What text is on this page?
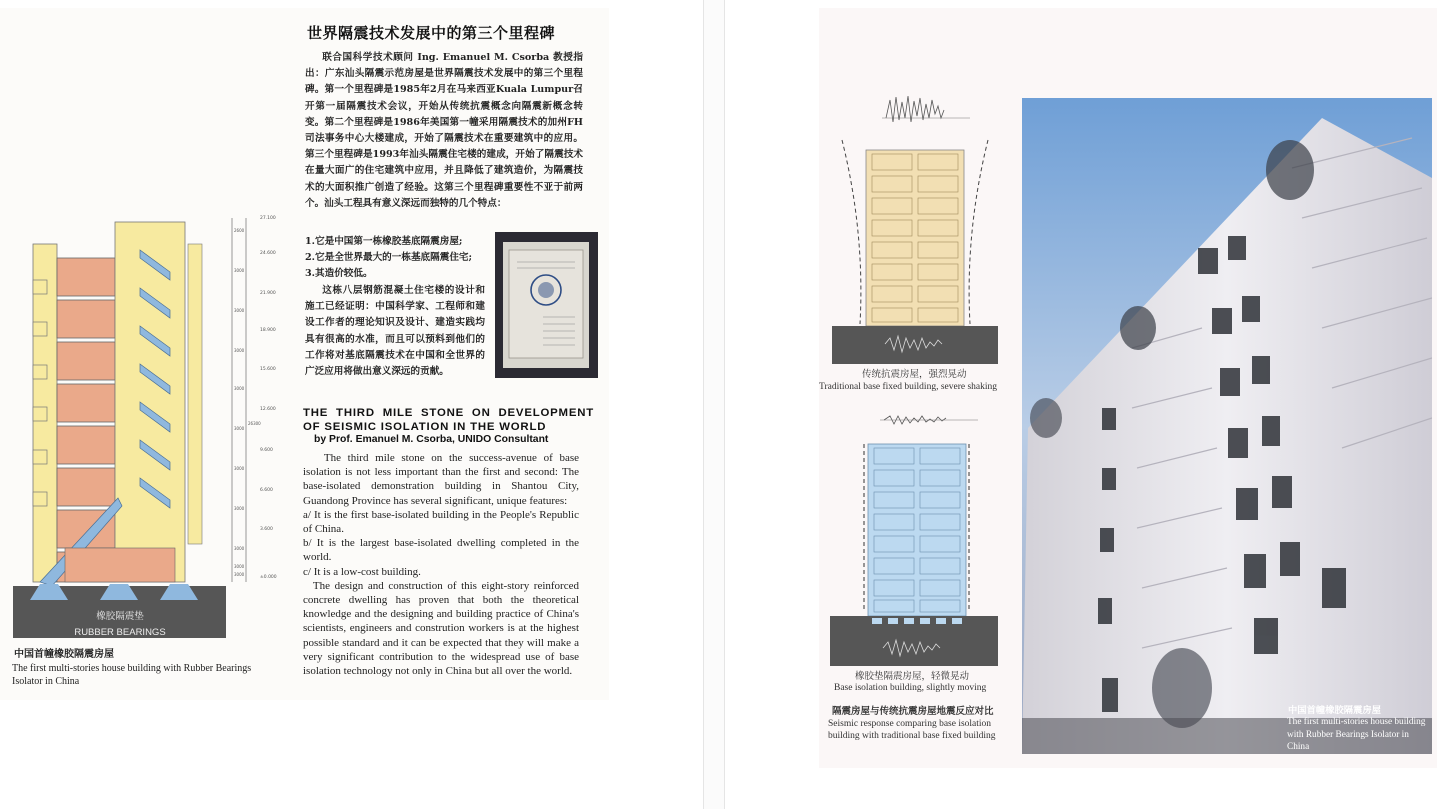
橡胶隔震垫
RUBBER BEARINGS
27.100
24.600
21.900
18.900
15.600
12.600
9.600
6.600
3.600
±0.000
2600
3000
3000
3000
3000
3000
3000
3000
3000
3000
3000
26300
世界隔震技术发展中的第三个里程碑

联合国科学技术顾问 Ing. Emanuel M. Csorba 教授指出：广东汕头隔震示范房屋是世界隔震技术发展中的第三个里程碑。第一个里程碑是1985年2月在马来西亚Kuala Lumpur召开第一届隔震技术会议，开始从传统抗震概念向隔震新概念转变。第二个里程碑是1986年美国第一幢采用隔震技术的加州FH司法事务中心大楼建成，开始了隔震技术在重要建筑中的应用。第三个里程碑是1993年汕头隔震住宅楼的建成，开始了隔震技术在量大面广的住宅建筑中应用，并且降低了建筑造价，为隔震技术的大面积推广创造了经验。这第三个里程碑重要性不亚于前两个。汕头工程具有意义深远而独特的几个特点：

1.它是中国第一栋橡胶基底隔震房屋;
2.它是全世界最大的一栋基底隔震住宅;
3.其造价较低。

这栋八层钢筋混凝土住宅楼的设计和施工已经证明：中国科学家、工程师和建设工作者的理论知识及设计、建造实践均具有很高的水准，而且可以预料到他们的工作将对基底隔震技术在中国和全世界的广泛应用将做出意义深远的贡献。

THE THIRD MILE STONE ON DEVELOPMENT OF SEISMIC ISOLATION IN THE WORLD
by Prof. Emanuel M. Csorba, UNIDO Consultant

The third mile stone on the success-avenue of base isolation is not less important than the first and second: The base-isolated demonstration building in Shantou City, Guandong Province has several significant, unique features:

a/ It is the first base-isolated building in the People's Republic of China.

b/ It is the largest base-isolated dwelling completed in the world.

c/ It is a low-cost building.

The design and construction of this eight-story reinforced concrete dwelling has proven that both the theoretical knowledge and the designing and building practice of China's scientists, engineers and constrution workers is at the highest possible standard and it can be expected that they will make a very significant contribution to the widespread use of base isolation technology not only in China but all over the world.

中国首幢橡胶隔震房屋
The first multi-stories house building with Rubber Bearings Isolator in China
传统抗震房屋，强烈晃动
Traditional base fixed building, severe shaking
橡胶垫隔震房屋，轻微晃动
Base isolation building, slightly moving
隔震房屋与传统抗震房屋地震反应对比
Seismic response comparing base isolation
building with traditional base fixed building
中国首幢橡胶隔震房屋
The first multi-stories house building with Rubber Bearings Isolator in China
